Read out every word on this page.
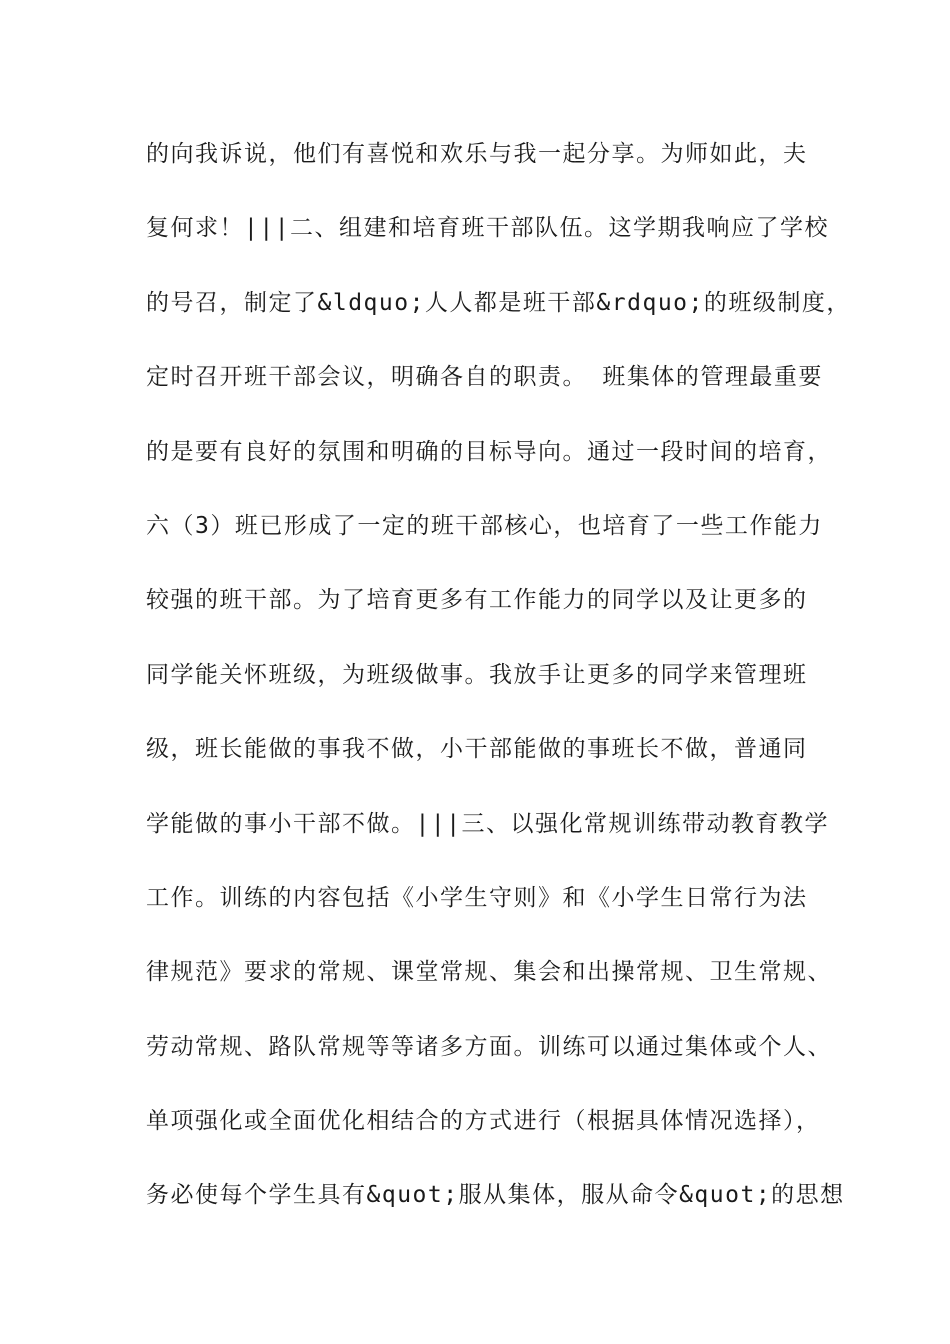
的向我诉说，他们有喜悦和欢乐与我一起分享。为师如此，夫
复何求！|||二、组建和培育班干部队伍。这学期我响应了学校
的号召，制定了&ldquo;人人都是班干部&rdquo;的班级制度，
定时召开班干部会议，明确各自的职责。 班集体的管理最重要
的是要有良好的氛围和明确的目标导向。通过一段时间的培育，
六（3）班已形成了一定的班干部核心，也培育了一些工作能力
较强的班干部。为了培育更多有工作能力的同学以及让更多的
同学能关怀班级，为班级做事。我放手让更多的同学来管理班
级，班长能做的事我不做，小干部能做的事班长不做，普通同
学能做的事小干部不做。|||三、以强化常规训练带动教育教学
工作。训练的内容包括《小学生守则》和《小学生日常行为法
律规范》要求的常规、课堂常规、集会和出操常规、卫生常规、
劳动常规、路队常规等等诸多方面。训练可以通过集体或个人、
单项强化或全面优化相结合的方式进行（根据具体情况选择），
务必使每个学生具有&quot;服从集体，服从命令&quot;的思想
